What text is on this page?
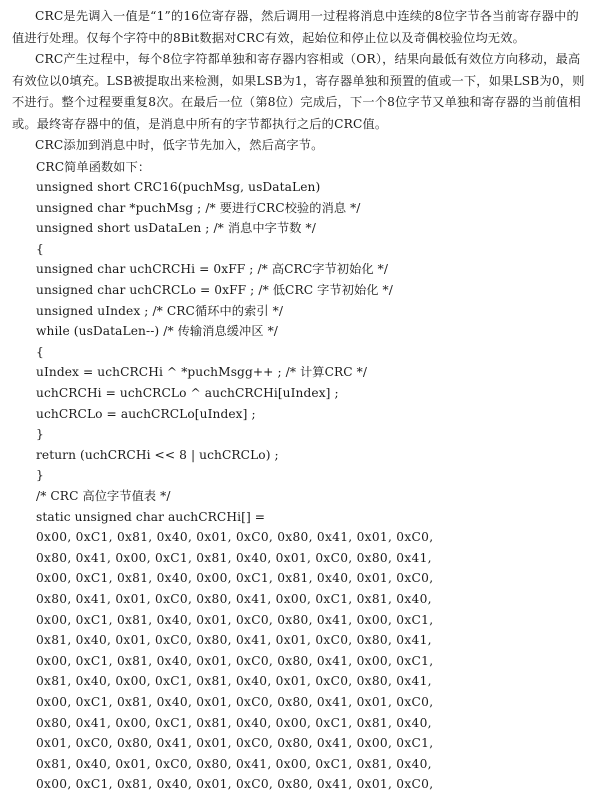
CRC是先调入一值是“1”的16位寄存器，然后调用一过程将消息中连续的8位字节各当前寄存器中的值进行处理。仅每个字符中的8Bit数据对CRC有效，起始位和停止位以及奇偶校验位均无效。

CRC产生过程中，每个8位字符都单独和寄存器内容相或（OR），结果向最低有效位方向移动，最高有效位以0填充。LSB被提取出来检测，如果LSB为1，寄存器单独和预置的值或一下，如果LSB为0，则不进行。整个过程要重复8次。在最后一位（第8位）完成后，下一个8位字节又单独和寄存器的当前值相或。最终寄存器中的值，是消息中所有的字节都执行之后的CRC值。

CRC添加到消息中时，低字节先加入，然后高字节。

CRC简单函数如下：
unsigned short CRC16(puchMsg, usDataLen)
unsigned char *puchMsg ; /* 要进行CRC校验的消息 */
unsigned short usDataLen ; /* 消息中字节数 */
{
unsigned char uchCRCHi = 0xFF ; /* 高CRC字节初始化 */
unsigned char uchCRCLo = 0xFF ; /* 低CRC 字节初始化 */
unsigned uIndex ; /* CRC循环中的索引 */
while (usDataLen--) /* 传输消息缓冲区 */
{
uIndex = uchCRCHi ^ *puchMsgg++ ; /* 计算CRC */
uchCRCHi = uchCRCLo ^ auchCRCHi[uIndex] ;
uchCRCLo = auchCRCLo[uIndex] ;
}
return (uchCRCHi << 8 | uchCRCLo) ;
}
/* CRC 高位字节值表 */
static unsigned char auchCRCHi[] =
0x00, 0xC1, 0x81, 0x40, 0x01, 0xC0, 0x80, 0x41, 0x01, 0xC0,
0x80, 0x41, 0x00, 0xC1, 0x81, 0x40, 0x01, 0xC0, 0x80, 0x41,
0x00, 0xC1, 0x81, 0x40, 0x00, 0xC1, 0x81, 0x40, 0x01, 0xC0,
0x80, 0x41, 0x01, 0xC0, 0x80, 0x41, 0x00, 0xC1, 0x81, 0x40,
0x00, 0xC1, 0x81, 0x40, 0x01, 0xC0, 0x80, 0x41, 0x00, 0xC1,
0x81, 0x40, 0x01, 0xC0, 0x80, 0x41, 0x01, 0xC0, 0x80, 0x41,
0x00, 0xC1, 0x81, 0x40, 0x01, 0xC0, 0x80, 0x41, 0x00, 0xC1,
0x81, 0x40, 0x00, 0xC1, 0x81, 0x40, 0x01, 0xC0, 0x80, 0x41,
0x00, 0xC1, 0x81, 0x40, 0x01, 0xC0, 0x80, 0x41, 0x01, 0xC0,
0x80, 0x41, 0x00, 0xC1, 0x81, 0x40, 0x00, 0xC1, 0x81, 0x40,
0x01, 0xC0, 0x80, 0x41, 0x01, 0xC0, 0x80, 0x41, 0x00, 0xC1,
0x81, 0x40, 0x01, 0xC0, 0x80, 0x41, 0x00, 0xC1, 0x81, 0x40,
0x00, 0xC1, 0x81, 0x40, 0x01, 0xC0, 0x80, 0x41, 0x01, 0xC0,
